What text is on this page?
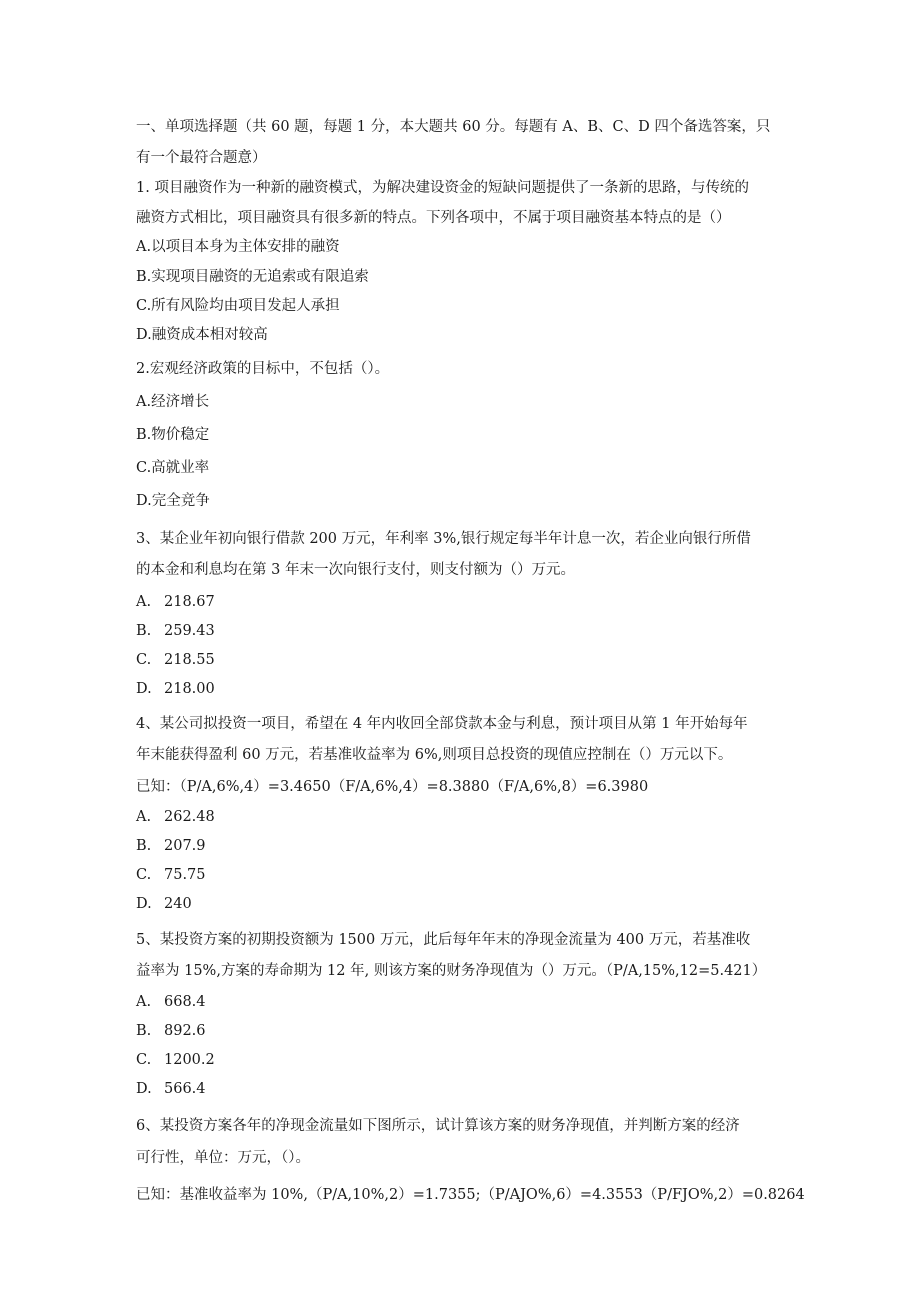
一、单项选择题（共 60 题，每题 1 分，本大题共 60 分。每题有 A、B、C、D 四个备选答案，只
有一个最符合题意）
1. 项目融资作为一种新的融资模式，为解决建设资金的短缺问题提供了一条新的思路，与传统的
融资方式相比，项目融资具有很多新的特点。下列各项中，不属于项目融资基本特点的是（）
A.以项目本身为主体安排的融资
B.实现项目融资的无追索或有限追索
C.所有风险均由项目发起人承担
D.融资成本相对较高
2.宏观经济政策的目标中，不包括（）。
A.经济增长
B.物价稳定
C.高就业率
D.完全竞争
3、某企业年初向银行借款 200 万元，年利率 3%,银行规定每半年计息一次，若企业向银行所借
的本金和利息均在第 3 年末一次向银行支付，则支付额为（）万元。
A. 218.67
B. 259.43
C. 218.55
D. 218.00
4、某公司拟投资一项目，希望在 4 年内收回全部贷款本金与利息，预计项目从第 1 年开始每年
年末能获得盈利 60 万元，若基准收益率为 6%,则项目总投资的现值应控制在（）万元以下。
已知：（P/A,6%,4）=3.4650（F/A,6%,4）=8.3880（F/A,6%,8）=6.3980
A. 262.48
B. 207.9
C. 75.75
D. 240
5、某投资方案的初期投资额为 1500 万元，此后每年年末的净现金流量为 400 万元，若基准收
益率为 15%,方案的寿命期为 12 年, 则该方案的财务净现值为（）万元。（P/A,15%,12=5.421）
A. 668.4
B. 892.6
C. 1200.2
D. 566.4
6、某投资方案各年的净现金流量如下图所示，试计算该方案的财务净现值，并判断方案的经济
可行性，单位：万元，（）。
已知：基准收益率为 10%,（P/A,10%,2）=1.7355;（P/AJO%,6）=4.3553（P/FJO%,2）=0.8264
